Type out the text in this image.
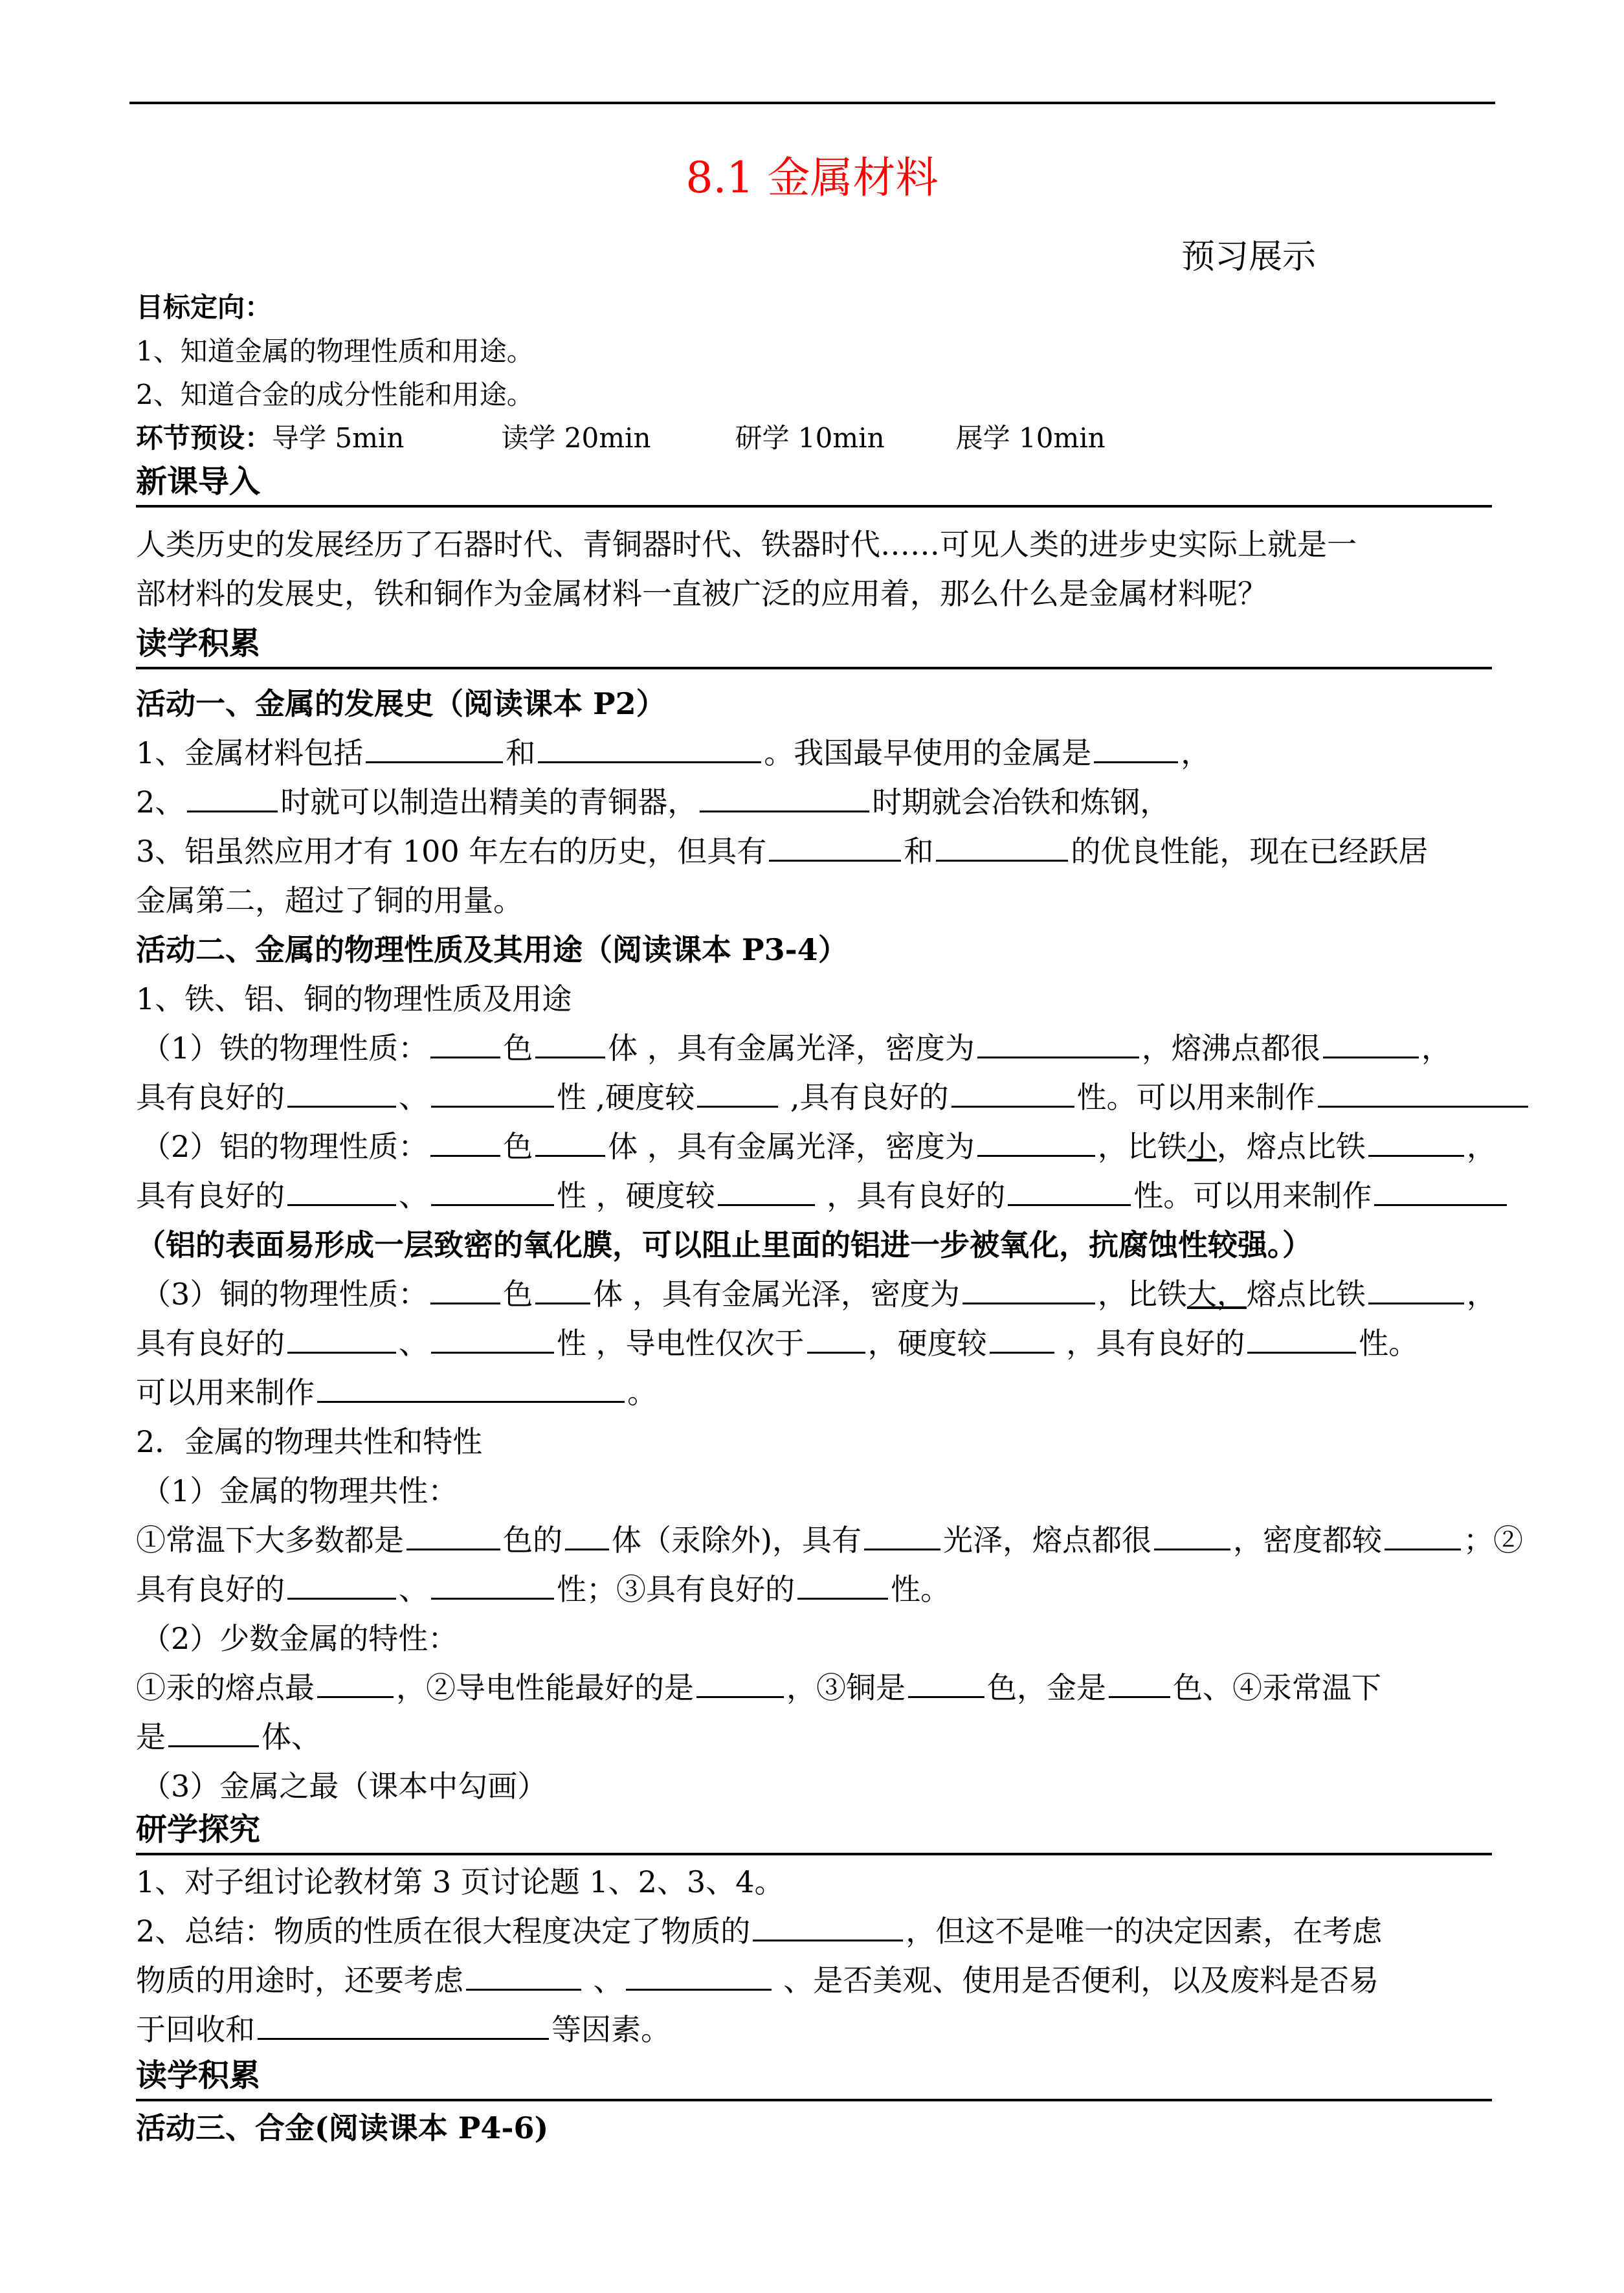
8.1 金属材料
预习展示
目标定向：
1、知道金属的物理性质和用途。
2、知道合金的成分性能和用途。
环节预设：导学 5min	读学 20min	研学 10min	展学 10min
新课导入
人类历史的发展经历了石器时代、青铜器时代、铁器时代……可见人类的进步史实际上就是一
部材料的发展史，铁和铜作为金属材料一直被广泛的应用着，那么什么是金属材料呢？
读学积累
活动一、金属的发展史（阅读课本 P2）
1、金属材料包括	和	。我国最早使用的金属是	，
2、	时就可以制造出精美的青铜器，	时期就会冶铁和炼钢，
3、铝虽然应用才有 100 年左右的历史，但具有	和	的优良性能，现在已经跃居
金属第二，超过了铜的用量。
活动二、金属的物理性质及其用途（阅读课本 P3-4）
1、铁、铝、铜的物理性质及用途
（1）铁的物理性质：	色	体 ，具有金属光泽，密度为	，熔沸点都很	，
具有良好的	、	性 ,硬度较	,具有良好的	性。可以用来制作
（2）铝的物理性质：	色	体 ，具有金属光泽，密度为	，比铁小，熔点比铁	，
具有良好的	、	性 ，硬度较	，具有良好的	性。可以用来制作
（铝的表面易形成一层致密的氧化膜，可以阻止里面的铝进一步被氧化，抗腐蚀性较强。）
（3）铜的物理性质：	色 体 ，具有金属光泽，密度为	，比铁大，熔点比铁	，
具有良好的	、	性 ，导电性仅次于 ，硬度较 ，具有良好的	性。
可以用来制作	。
2．金属的物理共性和特性
（1）金属的物理共性：
①常温下大多数都是	色的 体（汞除外)，具有	光泽，熔点都很	，密度都较	；②
具有良好的	、	性；③具有良好的	性。
（2）少数金属的特性：
①汞的熔点最	，②导电性能最好的是	，③铜是	色，金是 色、④汞常温下
是	体、
（3）金属之最（课本中勾画）
研学探究
1、对子组讨论教材第 3 页讨论题 1、2、3、4。
2、总结：物质的性质在很大程度决定了物质的	，但这不是唯一的决定因素，在考虑
物质的用途时，还要考虑	、	、是否美观、使用是否便利，以及废料是否易
于回收和	等因素。
读学积累
活动三、合金(阅读课本 P4-6)
